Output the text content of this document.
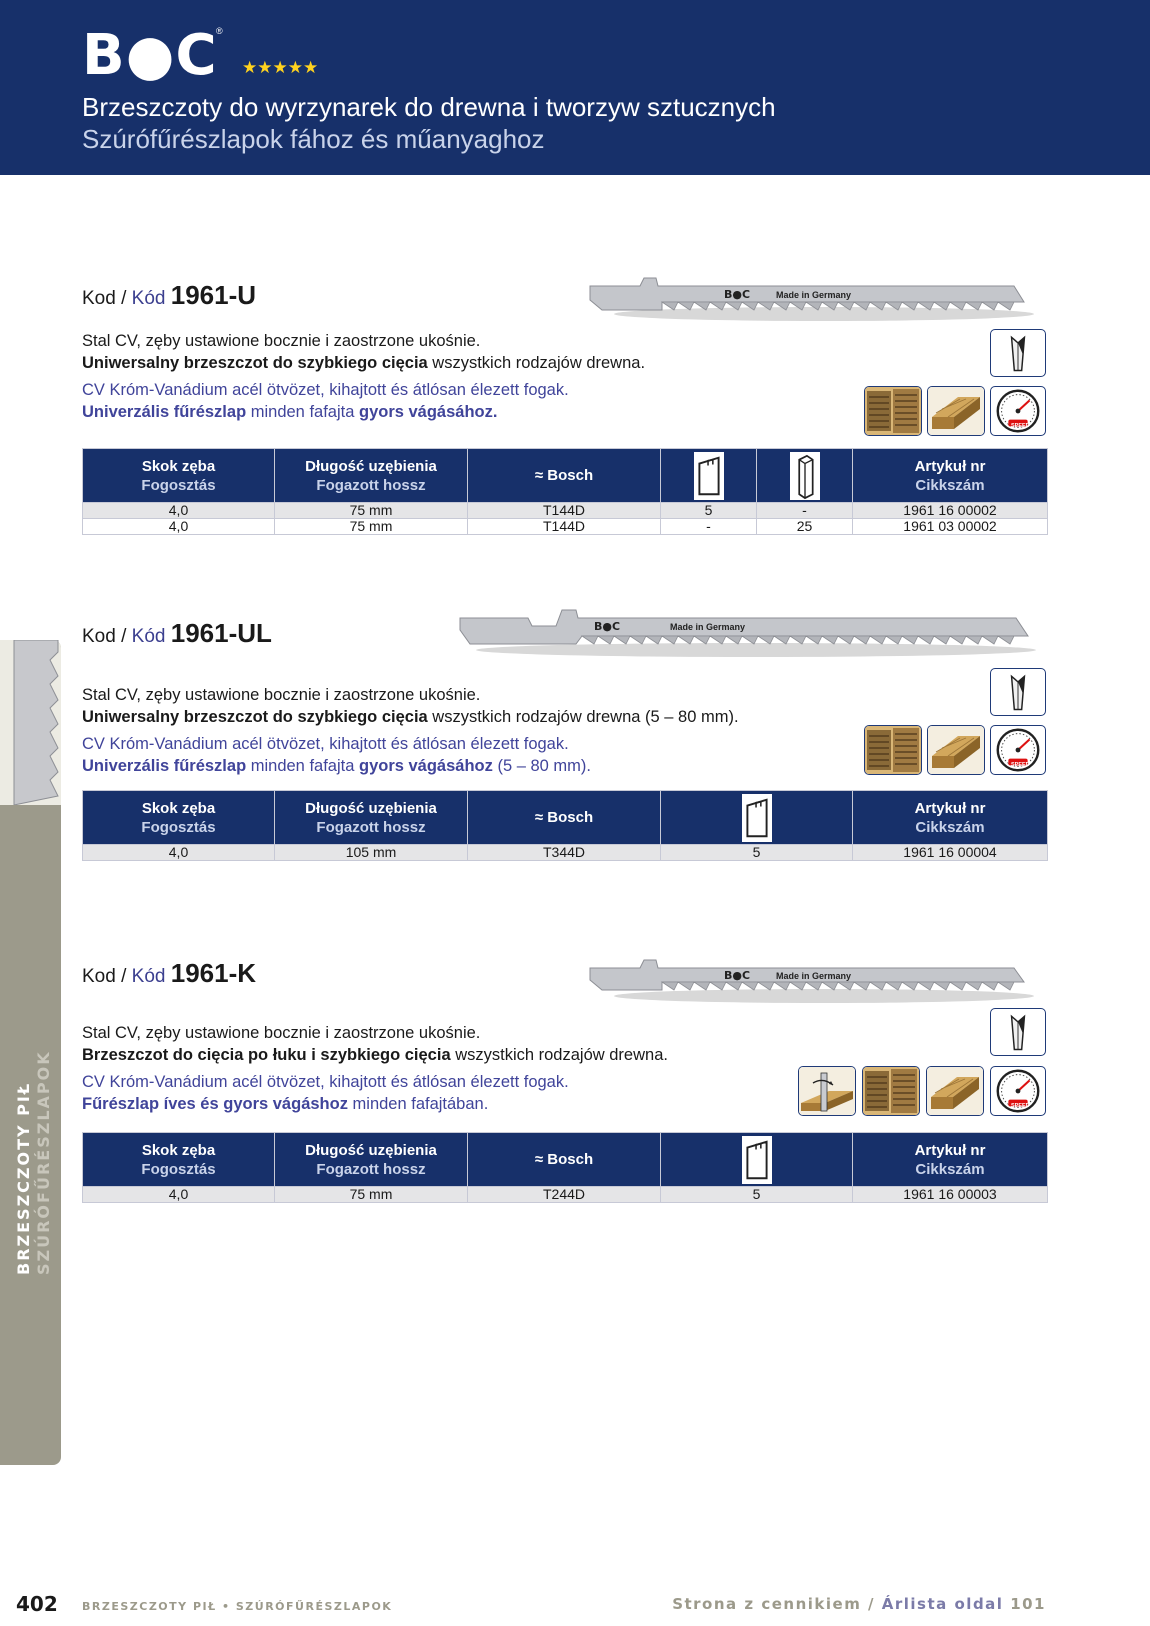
B●C
®
★★★★★
Brzeszczoty do wyrzynarek do drewna i tworzyw sztucznych
Szúrófűrészlapok fához és műanyaghoz
BRZESZCZOTY PIŁ SZÚRÓFŰRÉSZLAPOK
Kod / Kód 1961-U	B●C	Made in Germany
Stal CV, zęby ustawione bocznie i zaostrzone ukośnie.
Uniwersalny brzeszczot do szybkiego cięcia wszystkich rodzajów drewna.
CV Króm-Vanádium acél ötvözet, kihajtott és átlósan élezett fogak.
Univerzális fűrészlap minden fafajta gyors vágásához.
SPEED
Skok zęba
Fogosztás	Długość uzębienia
Fogazott hossz	≈ Bosch			Artykuł nr
Cikkszám

4,0	75 mm	T144D	5	-	1961 16 00002
4,0	75 mm	T144D	-	25	1961 03 00002
Kod / Kód 1961-UL	B●C	Made in Germany
Stal CV, zęby ustawione bocznie i zaostrzone ukośnie.
Uniwersalny brzeszczot do szybkiego cięcia wszystkich rodzajów drewna (5 – 80 mm).
CV Króm-Vanádium acél ötvözet, kihajtott és átlósan élezett fogak.
Univerzális fűrészlap minden fafajta gyors vágásához (5 – 80 mm).	SPEED
Skok zęba
Fogosztás	Długość uzębienia
Fogazott hossz	≈ Bosch		Artykuł nr
Cikkszám

4,0	105 mm	T344D	5	1961 16 00004
Kod / Kód 1961-K	B●C	Made in Germany
Stal CV, zęby ustawione bocznie i zaostrzone ukośnie.
Brzeszczot do cięcia po łuku i szybkiego cięcia wszystkich rodzajów drewna.
CV Króm-Vanádium acél ötvözet, kihajtott és átlósan élezett fogak.
Fűrészlap íves és gyors vágáshoz minden fafajtában.	SPEED
Skok zęba
Fogosztás	Długość uzębienia
Fogazott hossz	≈ Bosch		Artykuł nr
Cikkszám

4,0	75 mm	T244D	5	1961 16 00003
402 BRZESZCZOTY PIŁ • SZÚRÓFŰRÉSZLAPOK	Strona z cennikiem / Árlista oldal 101
